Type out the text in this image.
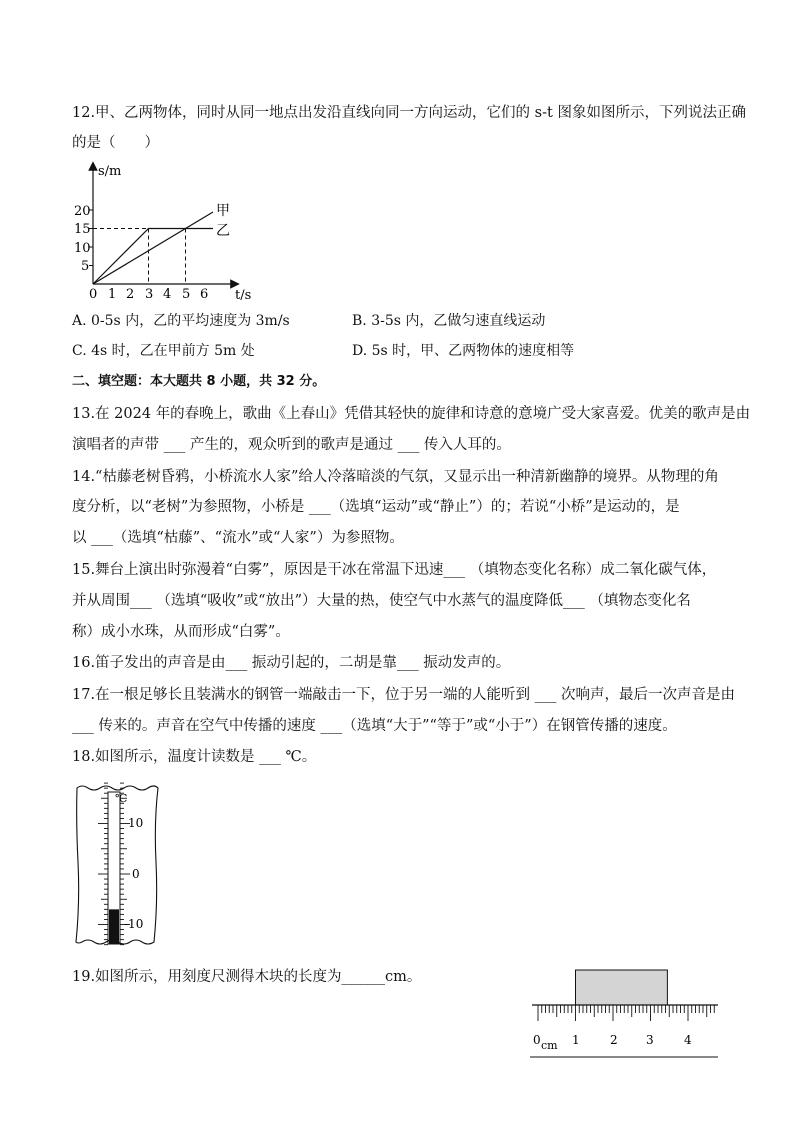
12.甲、乙两物体，同时从同一地点出发沿直线向同一方向运动，它们的 s-t 图象如图所示，下列说法正确
的是（　　）
s/m
t/s
20
15
10
5
0 1 2 3 4 5 6
甲
乙
A. 0-5s 内，乙的平均速度为 3m/s	B. 3-5s 内，乙做匀速直线运动
C. 4s 时，乙在甲前方 5m 处	D. 5s 时，甲、乙两物体的速度相等
二、填空题：本大题共 8 小题，共 32 分。
13.在 2024 年的春晚上，歌曲《上春山》凭借其轻快的旋律和诗意的意境广受大家喜爱。优美的歌声是由
演唱者的声带 ___ 产生的，观众听到的歌声是通过 ___ 传入人耳的。
14.“枯藤老树昏鸦，小桥流水人家”给人冷落暗淡的气氛，又显示出一种清新幽静的境界。从物理的角
度分析，以“老树”为参照物，小桥是 ___（选填“运动”或“静止”）的；若说“小桥”是运动的，是
以 ___（选填“枯藤”、“流水”或“人家”）为参照物。
15.舞台上演出时弥漫着“白雾”，原因是干冰在常温下迅速___ （填物态变化名称）成二氧化碳气体，
并从周围___ （选填“吸收”或“放出”）大量的热，使空气中水蒸气的温度降低___ （填物态变化名
称）成小水珠，从而形成“白雾”。
16.笛子发出的声音是由___ 振动引起的，二胡是靠___ 振动发声的。
17.在一根足够长且装满水的钢管一端敲击一下，位于另一端的人能听到 ___ 次响声，最后一次声音是由
___ 传来的。声音在空气中传播的速度 ___（选填“大于”“等于”或“小于”）在钢管传播的速度。
18.如图所示，温度计读数是 ___ ℃。
℃
10
0
-10
19.如图所示，用刻度尺测得木块的长度为______cm。
0 cm 1	2 3	4
